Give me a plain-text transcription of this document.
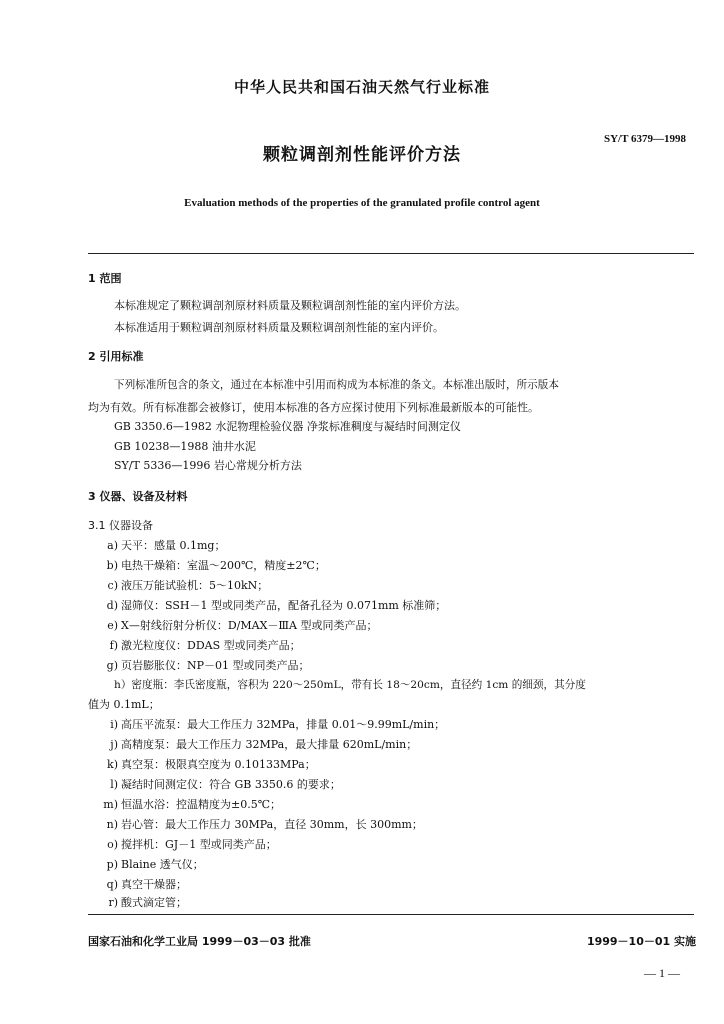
中华人民共和国石油天然气行业标准
SY/T 6379—1998
颗粒调剖剂性能评价方法
Evaluation methods of the properties of the granulated profile control agent
1 范围
本标准规定了颗粒调剖剂原材料质量及颗粒调剖剂性能的室内评价方法。
本标准适用于颗粒调剖剂原材料质量及颗粒调剖剂性能的室内评价。
2 引用标准
下列标准所包含的条文，通过在本标准中引用而构成为本标准的条文。本标准出版时，所示版本
均为有效。所有标准都会被修订，使用本标准的各方应探讨使用下列标准最新版本的可能性。
GB 3350.6—1982 水泥物理检验仪器 净浆标准稠度与凝结时间测定仪
GB 10238—1988 油井水泥
SY/T 5336—1996 岩心常规分析方法
3 仪器、设备及材料
3.1 仪器设备
a) 天平：感量 0.1mg；
b) 电热干燥箱：室温～200℃，精度±2℃；
c) 液压万能试验机：5～10kN；
d) 湿筛仪：SSH－1 型或同类产品，配备孔径为 0.071mm 标准筛；
e) X—射线衍射分析仪：D/MAX－ⅢA 型或同类产品；
f) 激光粒度仪：DDAS 型或同类产品；
g) 页岩膨胀仪：NP－01 型或同类产品；
h）密度瓶：李氏密度瓶，容积为 220～250mL，带有长 18～20cm，直径约 1cm 的细颈，其分度
值为 0.1mL；
i) 高压平流泵：最大工作压力 32MPa，排量 0.01～9.99mL/min；
j) 高精度泵：最大工作压力 32MPa，最大排量 620mL/min；
k) 真空泵：极限真空度为 0.10133MPa；
l) 凝结时间测定仪：符合 GB 3350.6 的要求；
m) 恒温水浴：控温精度为±0.5℃；
n) 岩心管：最大工作压力 30MPa，直径 30mm，长 300mm；
o) 搅拌机：GJ－1 型或同类产品；
p) Blaine 透气仪；
q) 真空干燥器；
r) 酸式滴定管；
国家石油和化学工业局 1999－03－03 批准	1999－10－01 实施
— 1 —
